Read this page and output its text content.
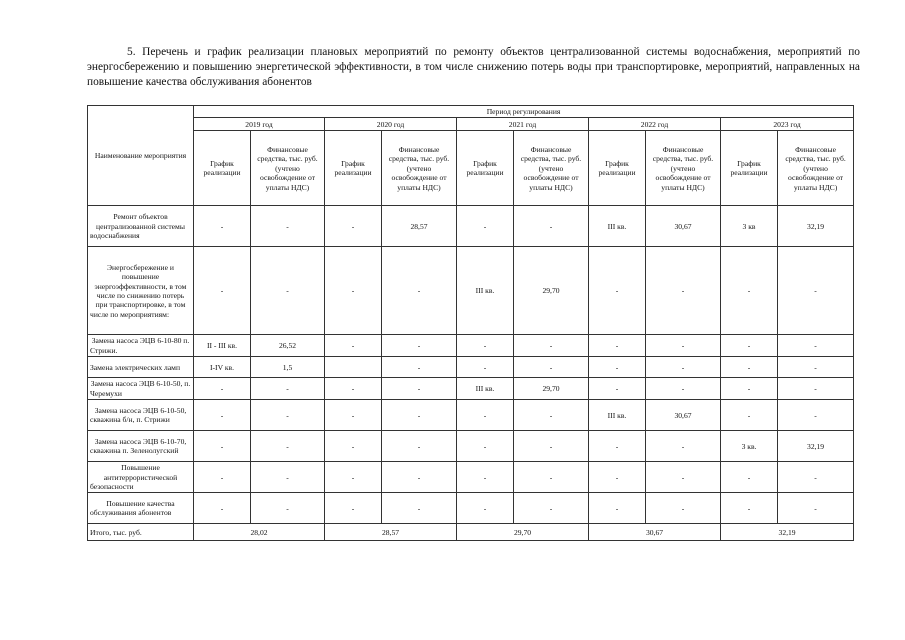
5. Перечень и график реализации плановых мероприятий по ремонту объектов централизованной системы водоснабжения, мероприятий по энергосбережению и повышению энергетической эффективности, в том числе снижению потерь воды при транспортировке, мероприятий, направленных на повышение качества обслуживания абонентов

Наименование мероприятия	Период регулирования									
	2019 год		2020 год		2021 год		2022 год		2023 год	
	График реализации	Финансовые средства, тыс. руб. (учтено освобождение от уплаты НДС)	График реализации	Финансовые средства, тыс. руб. (учтено освобождение от уплаты НДС)	График реализации	Финансовые средства, тыс. руб. (учтено освобождение от уплаты НДС)	График реализации	Финансовые средства, тыс. руб. (учтено освобождение от уплаты НДС)	График реализации	Финансовые средства, тыс. руб. (учтено освобождение от уплаты НДС)
Ремонт объектов централизованной системы водоснабжения	-	-	-	28,57	-	-	III кв.	30,67	3 кв	32,19
Энергосбережение и повышение энергоэффективности, в том числе по снижению потерь при транспортировке, в том числе по мероприятиям:	-	-	-	-	III кв.	29,70	-	-	-	-
Замена насоса ЭЦВ 6-10-80 п. Стрижи.	II - III кв.	26,52	-	-	-	-	-	-	-	-
Замена электрических ламп	I-IV кв.	1,5		-	-	-	-	-	-	-
Замена насоса ЭЦВ 6-10-50, п. Черемухи	-	-	-	-	III кв.	29,70	-	-	-	-
Замена насоса ЭЦВ 6-10-50, скважина б/н, п. Стрижи	-	-	-	-	-	-	III кв.	30,67	-	-
Замена насоса ЭЦВ 6-10-70, скважина п. Зеленолугский	-	-	-	-	-	-	-	-	3 кв.	32,19
Повышение антитеррористической безопасности	-	-	-	-	-	-	-	-	-	-
Повышение качества обслуживания абонентов	-	-	-	-	-	-	-	-	-	-
Итого, тыс. руб.	28,02		28,57		29,70		30,67		32,19	
